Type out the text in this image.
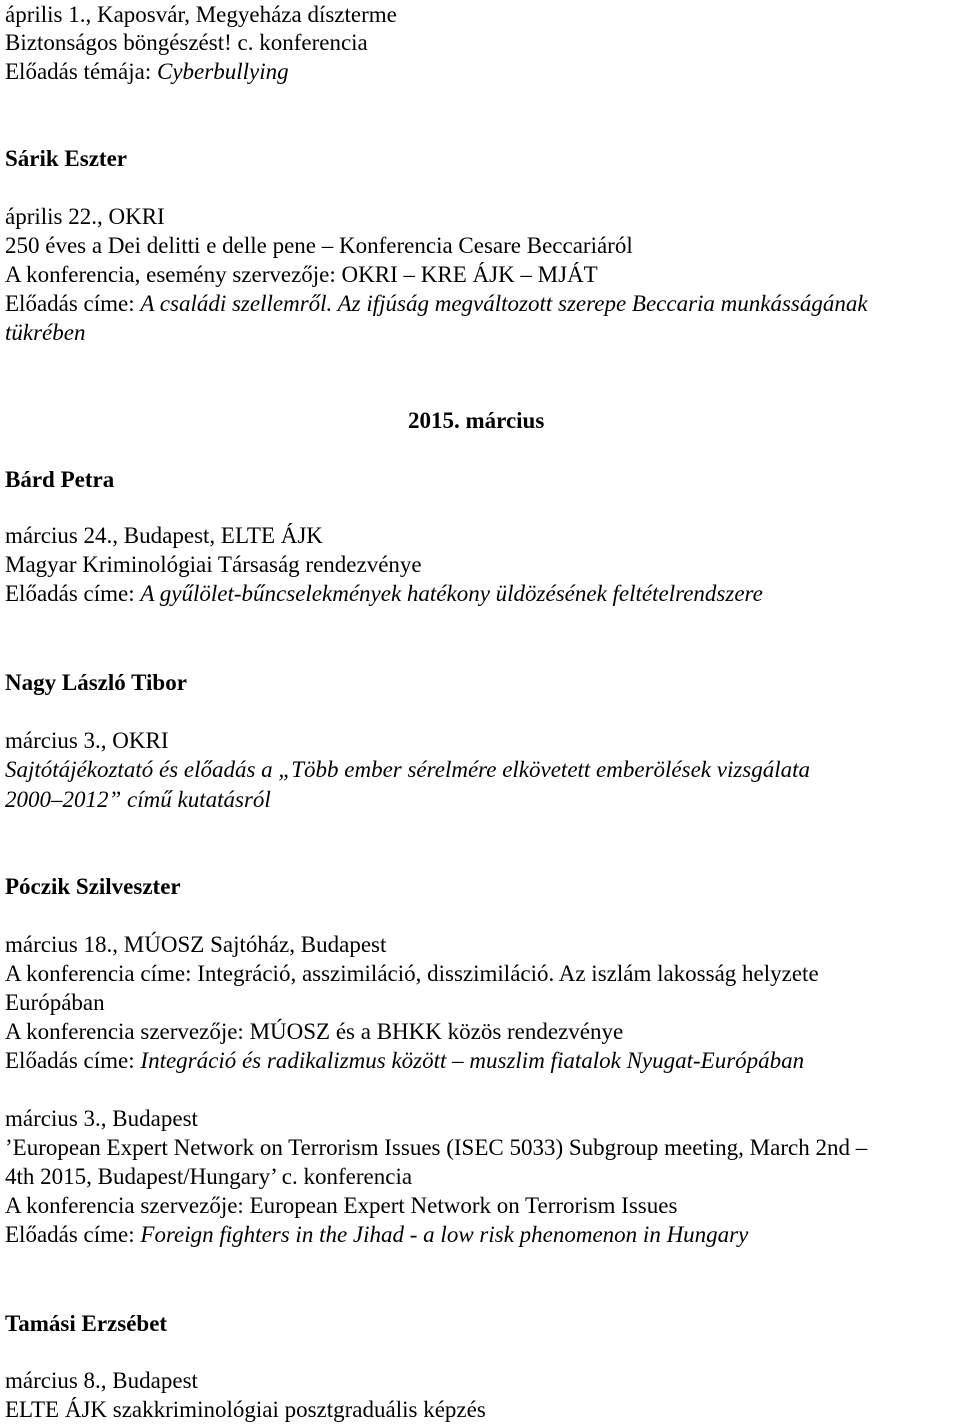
április 1., Kaposvár, Megyeháza díszterme
Biztonságos böngészést! c. konferencia
Előadás témája: Cyberbullying
Sárik Eszter
április 22., OKRI
250 éves a Dei delitti e delle pene – Konferencia Cesare Beccariáról
A konferencia, esemény szervezője: OKRI – KRE ÁJK – MJÁT
Előadás címe: A családi szellemről. Az ifjúság megváltozott szerepe Beccaria munkásságának
tükrében
2015. március
Bárd Petra
március 24., Budapest, ELTE ÁJK
Magyar Kriminológiai Társaság rendezvénye
Előadás címe: A gyűlölet-bűncselekmények hatékony üldözésének feltételrendszere
Nagy László Tibor
március 3., OKRI
Sajtótájékoztató és előadás a „Több ember sérelmére elkövetett emberölések vizsgálata
2000–2012” című kutatásról
Póczik Szilveszter
március 18., MÚOSZ Sajtóház, Budapest
A konferencia címe: Integráció, asszimiláció, disszimiláció. Az iszlám lakosság helyzete
Európában
A konferencia szervezője: MÚOSZ és a BHKK közös rendezvénye
Előadás címe: Integráció és radikalizmus között – muszlim fiatalok Nyugat-Európában
március 3., Budapest
’European Expert Network on Terrorism Issues (ISEC 5033) Subgroup meeting, March 2nd –
4th 2015, Budapest/Hungary’ c. konferencia
A konferencia szervezője: European Expert Network on Terrorism Issues
Előadás címe: Foreign fighters in the Jihad - a low risk phenomenon in Hungary
Tamási Erzsébet
március 8., Budapest
ELTE ÁJK szakkriminológiai posztgraduális képzés
